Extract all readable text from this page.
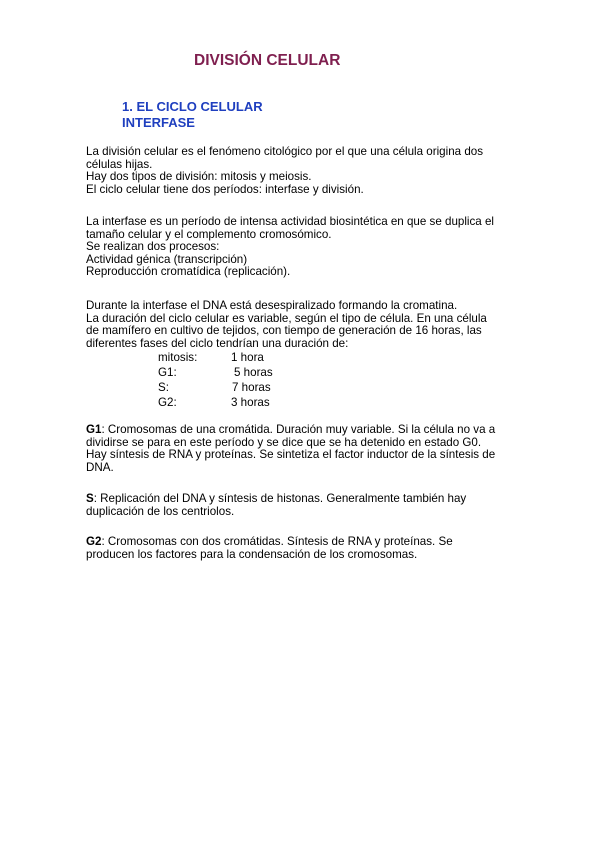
DIVISIÓN CELULAR
1. EL CICLO CELULAR
INTERFASE
La división celular es el fenómeno citológico por el que una célula origina dos
células hijas.
Hay dos tipos de división: mitosis y meiosis.
El ciclo celular tiene dos períodos: interfase y división.
La interfase es un período de intensa actividad biosintética en que se duplica el
tamaño celular y el complemento cromosómico.
Se realizan dos procesos:
Actividad génica (transcripción)
Reproducción cromatídica (replicación).
Durante la interfase el DNA está desespiralizado formando la cromatina.
La duración del ciclo celular es variable, según el tipo de célula. En una célula
de mamífero en cultivo de tejidos, con tiempo de generación de 16 horas, las
diferentes fases del ciclo tendrían una duración de:
mitosis:	1 hora
G1:	5 horas
S:	7 horas
G2:	3 horas
G1: Cromosomas de una cromátida. Duración muy variable. Si la célula no va a
dividirse se para en este período y se dice que se ha detenido en estado G0.
Hay síntesis de RNA y proteínas. Se sintetiza el factor inductor de la síntesis de
DNA.
S: Replicación del DNA y síntesis de histonas. Generalmente también hay
duplicación de los centriolos.
G2: Cromosomas con dos cromátidas. Síntesis de RNA y proteínas. Se
producen los factores para la condensación de los cromosomas.
